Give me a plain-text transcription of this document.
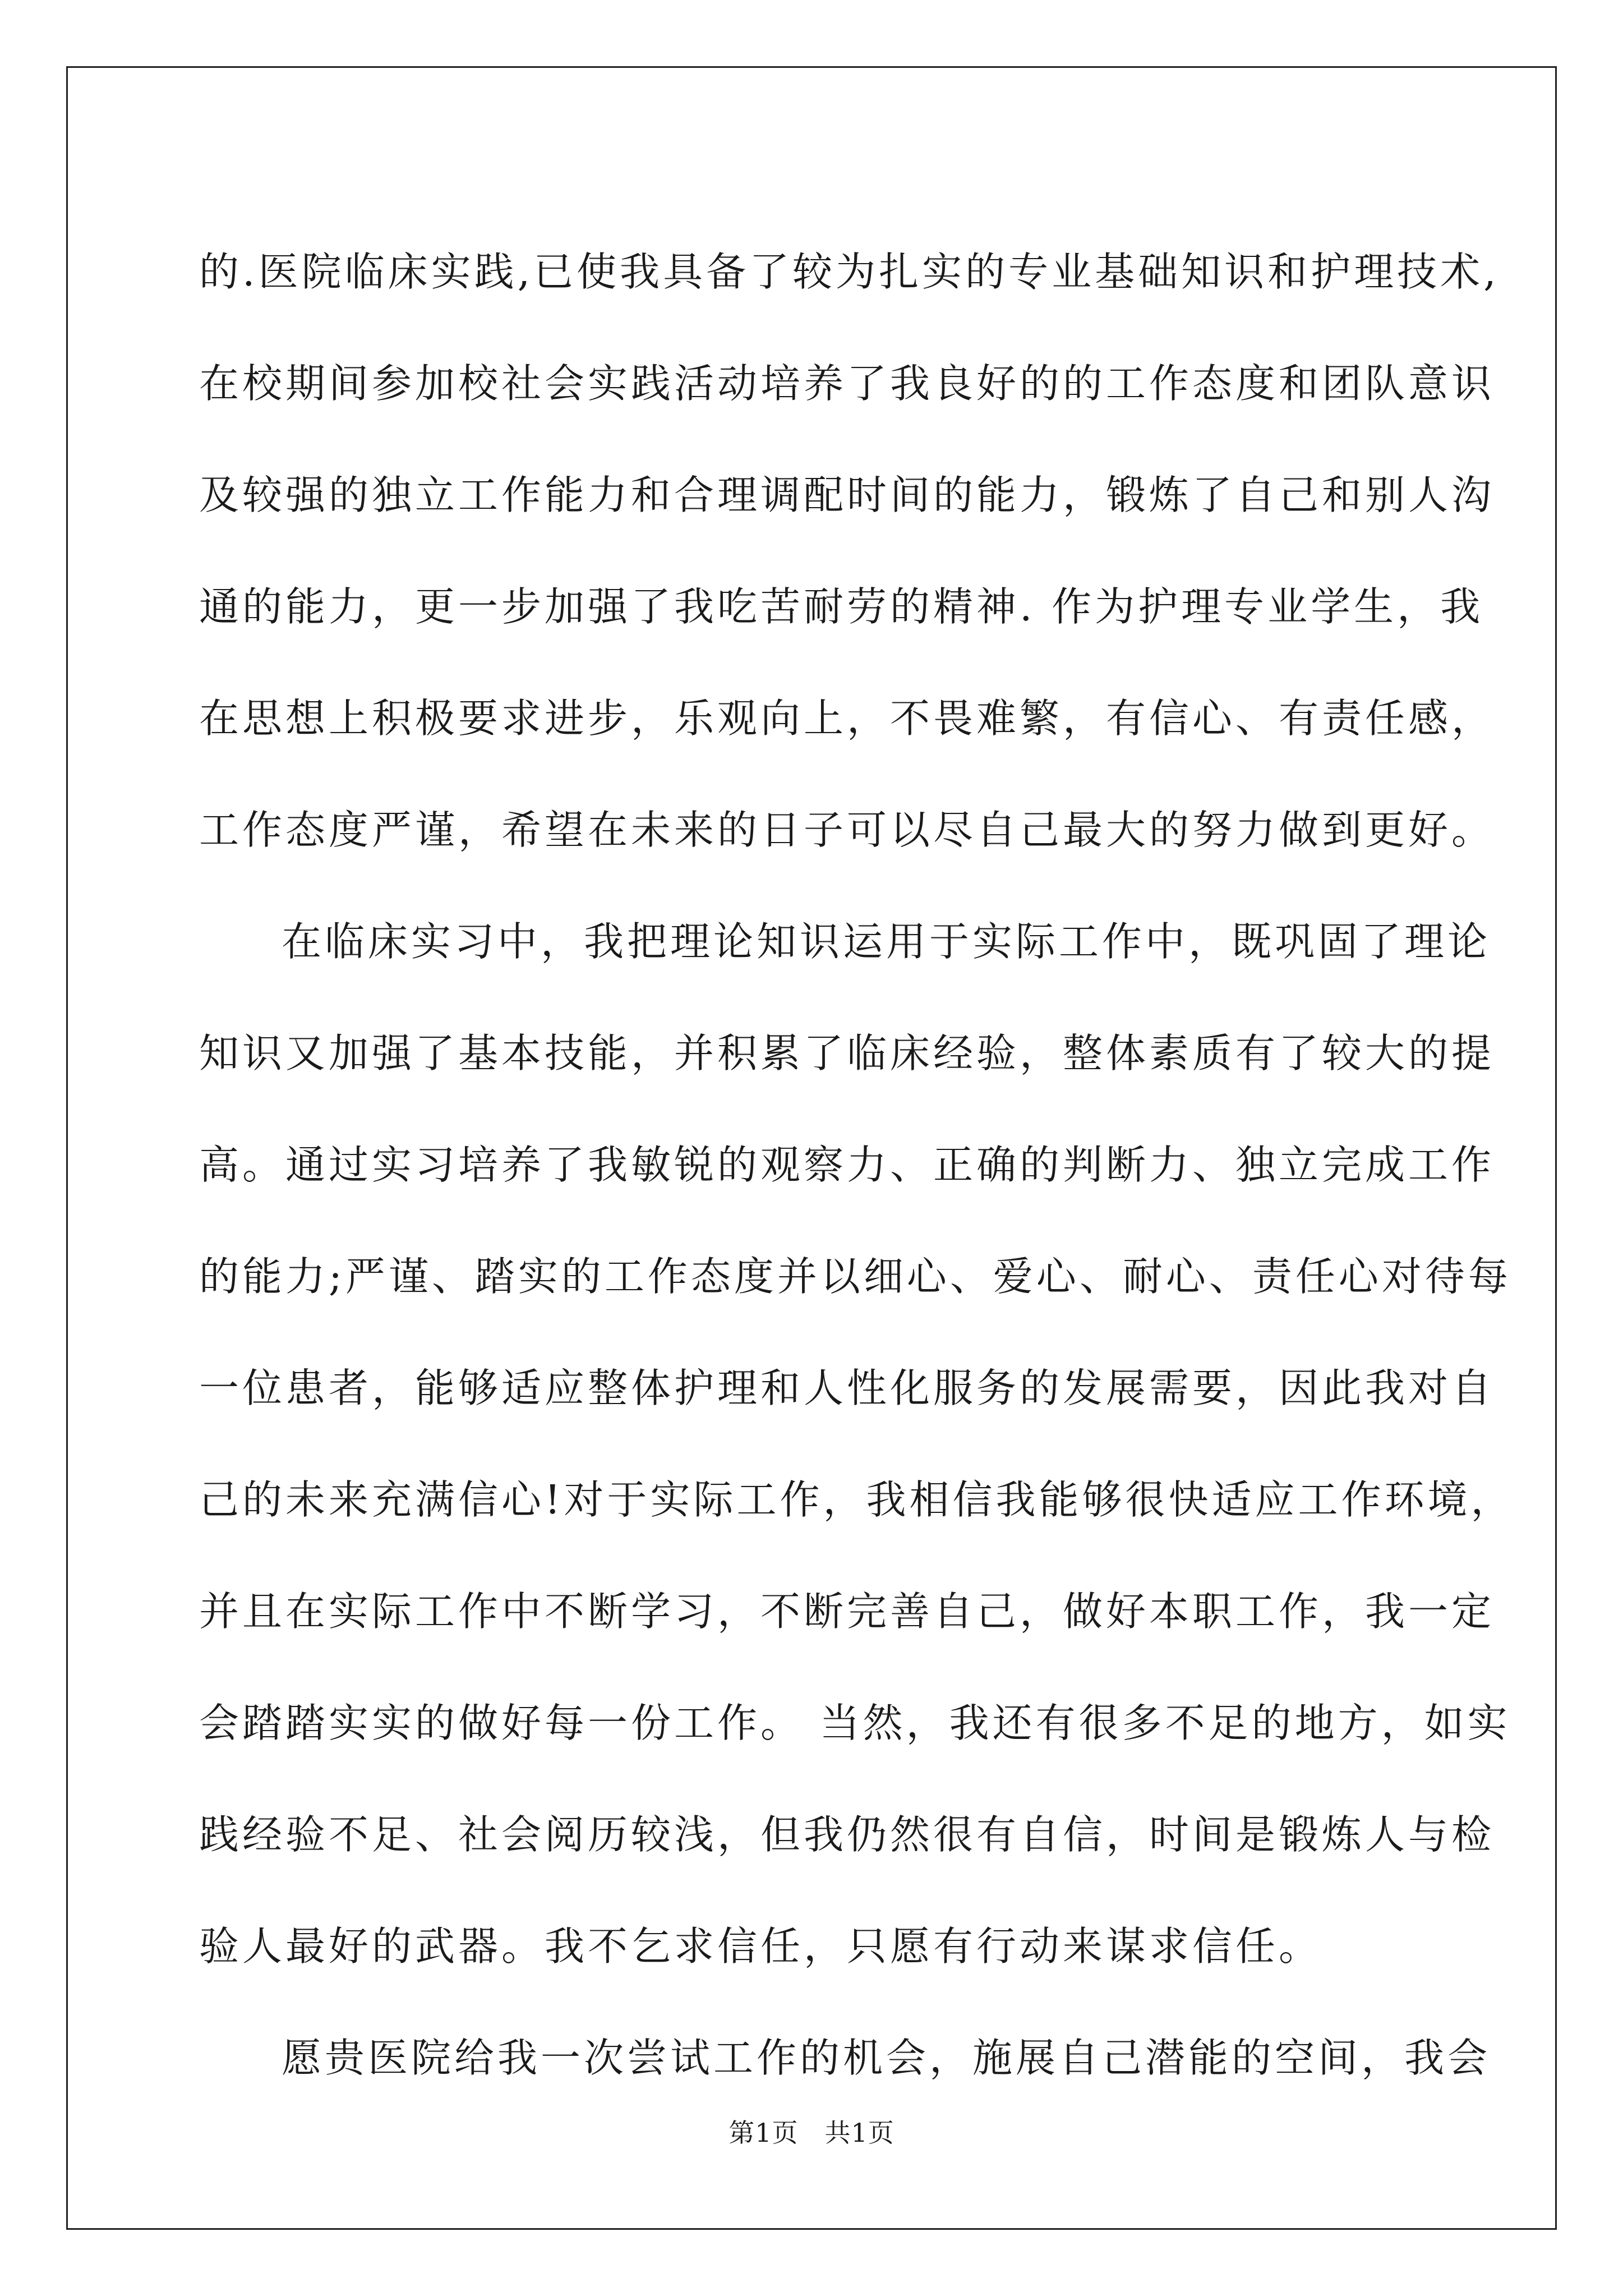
的.医院临床实践,已使我具备了较为扎实的专业基础知识和护理技术,
在校期间参加校社会实践活动培养了我良好的的工作态度和团队意识
及较强的独立工作能力和合理调配时间的能力，锻炼了自己和别人沟
通的能力，更一步加强了我吃苦耐劳的精神. 作为护理专业学生，我
在思想上积极要求进步，乐观向上，不畏难繁，有信心、有责任感，
工作态度严谨，希望在未来的日子可以尽自己最大的努力做到更好。
在临床实习中，我把理论知识运用于实际工作中，既巩固了理论
知识又加强了基本技能，并积累了临床经验，整体素质有了较大的提
高。通过实习培养了我敏锐的观察力、正确的判断力、独立完成工作
的能力;严谨、踏实的工作态度并以细心、爱心、耐心、责任心对待每
一位患者，能够适应整体护理和人性化服务的发展需要，因此我对自
己的未来充满信心!对于实际工作，我相信我能够很快适应工作环境，
并且在实际工作中不断学习，不断完善自己，做好本职工作，我一定
会踏踏实实的做好每一份工作。 当然，我还有很多不足的地方，如实
践经验不足、社会阅历较浅，但我仍然很有自信，时间是锻炼人与检
验人最好的武器。我不乞求信任，只愿有行动来谋求信任。
愿贵医院给我一次尝试工作的机会，施展自己潜能的空间，我会
第1页　共1页
